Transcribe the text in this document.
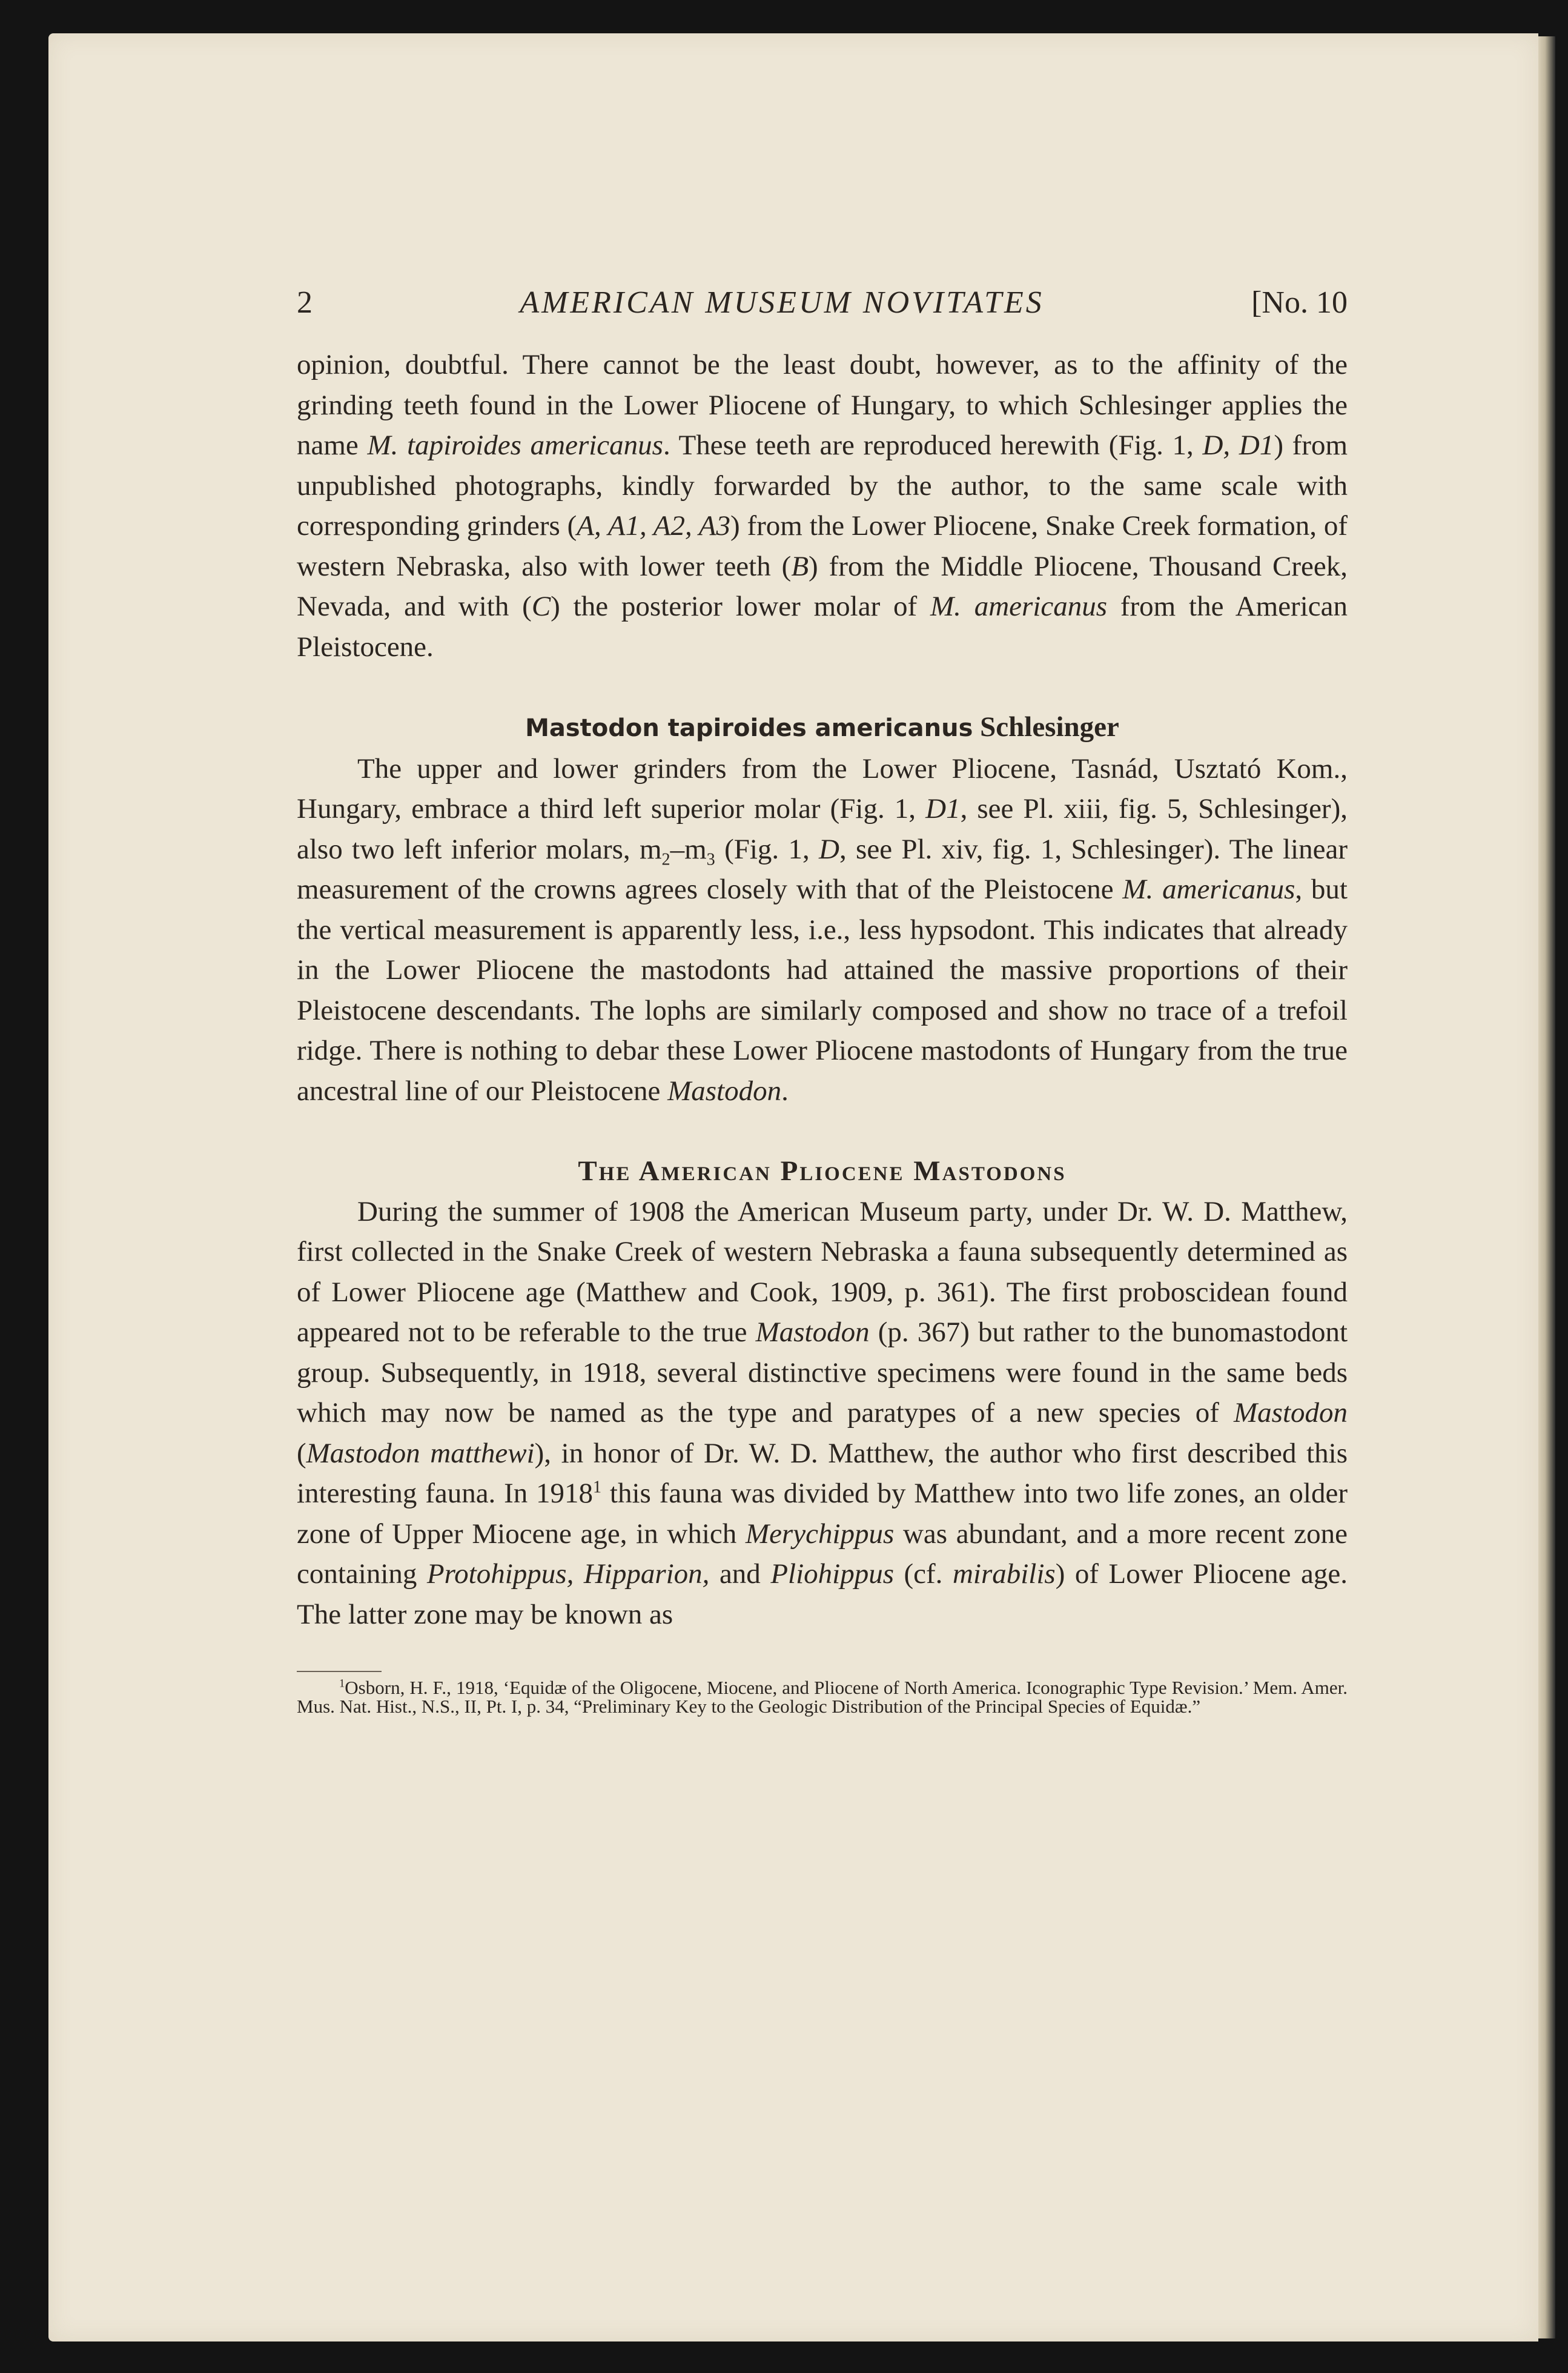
2	AMERICAN MUSEUM NOVITATES	[No. 10

opinion, doubtful. There cannot be the least doubt, however, as to the affinity of the grinding teeth found in the Lower Pliocene of Hungary, to which Schlesinger applies the name M. tapiroides americanus. These teeth are reproduced herewith (Fig. 1, D, D1) from unpublished photographs, kindly forwarded by the author, to the same scale with corresponding grinders (A, A1, A2, A3) from the Lower Pliocene, Snake Creek formation, of western Nebraska, also with lower teeth (B) from the Middle Pliocene, Thousand Creek, Nevada, and with (C) the posterior lower molar of M. americanus from the American Pleistocene.

Mastodon tapiroides americanus Schlesinger

The upper and lower grinders from the Lower Pliocene, Tasnád, Usztató Kom., Hungary, embrace a third left superior molar (Fig. 1, D1, see Pl. xiii, fig. 5, Schlesinger), also two left inferior molars, $m_2-m_3$ (Fig. 1, D, see Pl. xiv, fig. 1, Schlesinger). The linear measurement of the crowns agrees closely with that of the Pleistocene M. americanus, but the vertical measurement is apparently less, i.e., less hypsodont. This indicates that already in the Lower Pliocene the mastodonts had attained the massive proportions of their Pleistocene descendants. The lophs are similarly composed and show no trace of a trefoil ridge. There is nothing to debar these Lower Pliocene mastodonts of Hungary from the true ancestral line of our Pleistocene Mastodon.

The American Pliocene Mastodons

During the summer of 1908 the American Museum party, under Dr. W. D. Matthew, first collected in the Snake Creek of western Nebraska a fauna subsequently determined as of Lower Pliocene age (Matthew and Cook, 1909, p. 361). The first proboscidean found appeared not to be referable to the true Mastodon (p. 367) but rather to the bunomastodont group. Subsequently, in 1918, several distinctive specimens were found in the same beds which may now be named as the type and paratypes of a new species of Mastodon (Mastodon matthewi), in honor of Dr. W. D. Matthew, the author who first described this interesting fauna. In 1918$^1$ this fauna was divided by Matthew into two life zones, an older zone of Upper Miocene age, in which Merychippus was abundant, and a more recent zone containing Protohippus, Hipparion, and Pliohippus (cf. mirabilis) of Lower Pliocene age. The latter zone may be known as

$^1$Osborn, H. F., 1918, ‘Equidæ of the Oligocene, Miocene, and Pliocene of North America. Iconographic Type Revision.’ Mem. Amer. Mus. Nat. Hist., N.S., II, Pt. I, p. 34, “Preliminary Key to the Geologic Distribution of the Principal Species of Equidæ.”
